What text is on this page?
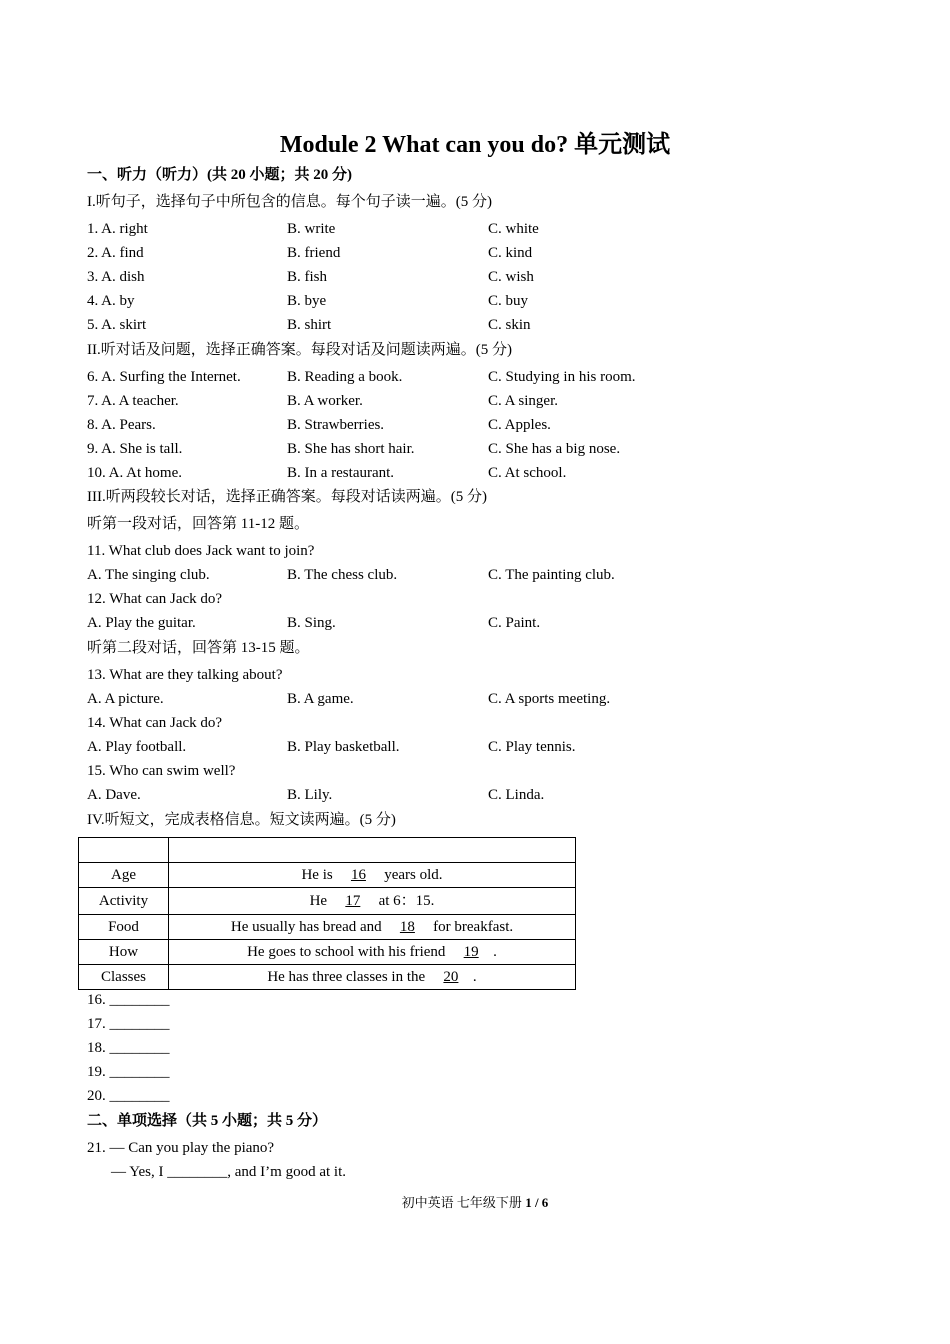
Module 2 What can you do? 单元测试
一、听力（听力）(共 20 小题；共 20 分)
I.听句子，选择句子中所包含的信息。每个句子读一遍。(5 分)
1. A. right	B. write	C. white
2. A. find	B. friend	C. kind
3. A. dish	B. fish	C. wish
4. A. by	B. bye	C. buy
5. A. skirt	B. shirt	C. skin
II.听对话及问题，选择正确答案。每段对话及问题读两遍。(5 分)
6. A. Surfing the Internet.	B. Reading a book.	C. Studying in his room.
7. A. A teacher.	B. A worker.	C. A singer.
8. A. Pears.	B. Strawberries.	C. Apples.
9. A. She is tall.	B. She has short hair.	C. She has a big nose.
10. A. At home.	B. In a restaurant.	C. At school.
III.听两段较长对话，选择正确答案。每段对话读两遍。(5 分)
听第一段对话，回答第 11-12 题。
11. What club does Jack want to join?
A. The singing club.	B. The chess club.	C. The painting club.
12. What can Jack do?
A. Play the guitar.	B. Sing.	C. Paint.
听第二段对话，回答第 13-15 题。
13. What are they talking about?
A. A picture.	B. A game.	C. A sports meeting.
14. What can Jack do?
A. Play football.	B. Play basketball.	C. Play tennis.
15. Who can swim well?
A. Dave.	B. Lily.	C. Linda.
IV.听短文，完成表格信息。短文读两遍。(5 分)

Age	He is 16 years old.
Activity	He 17 at 6：15.
Food	He usually has bread and 18 for breakfast.
How	He goes to school with his friend 19 .
Classes	He has three classes in the 20 .
16. ________
17. ________
18. ________
19. ________
20. ________
二、单项选择（共 5 小题；共 5 分）
21. — Can you play the piano?
— Yes, I ________, and I’m good at it.
初中英语 七年级下册 1 / 6
